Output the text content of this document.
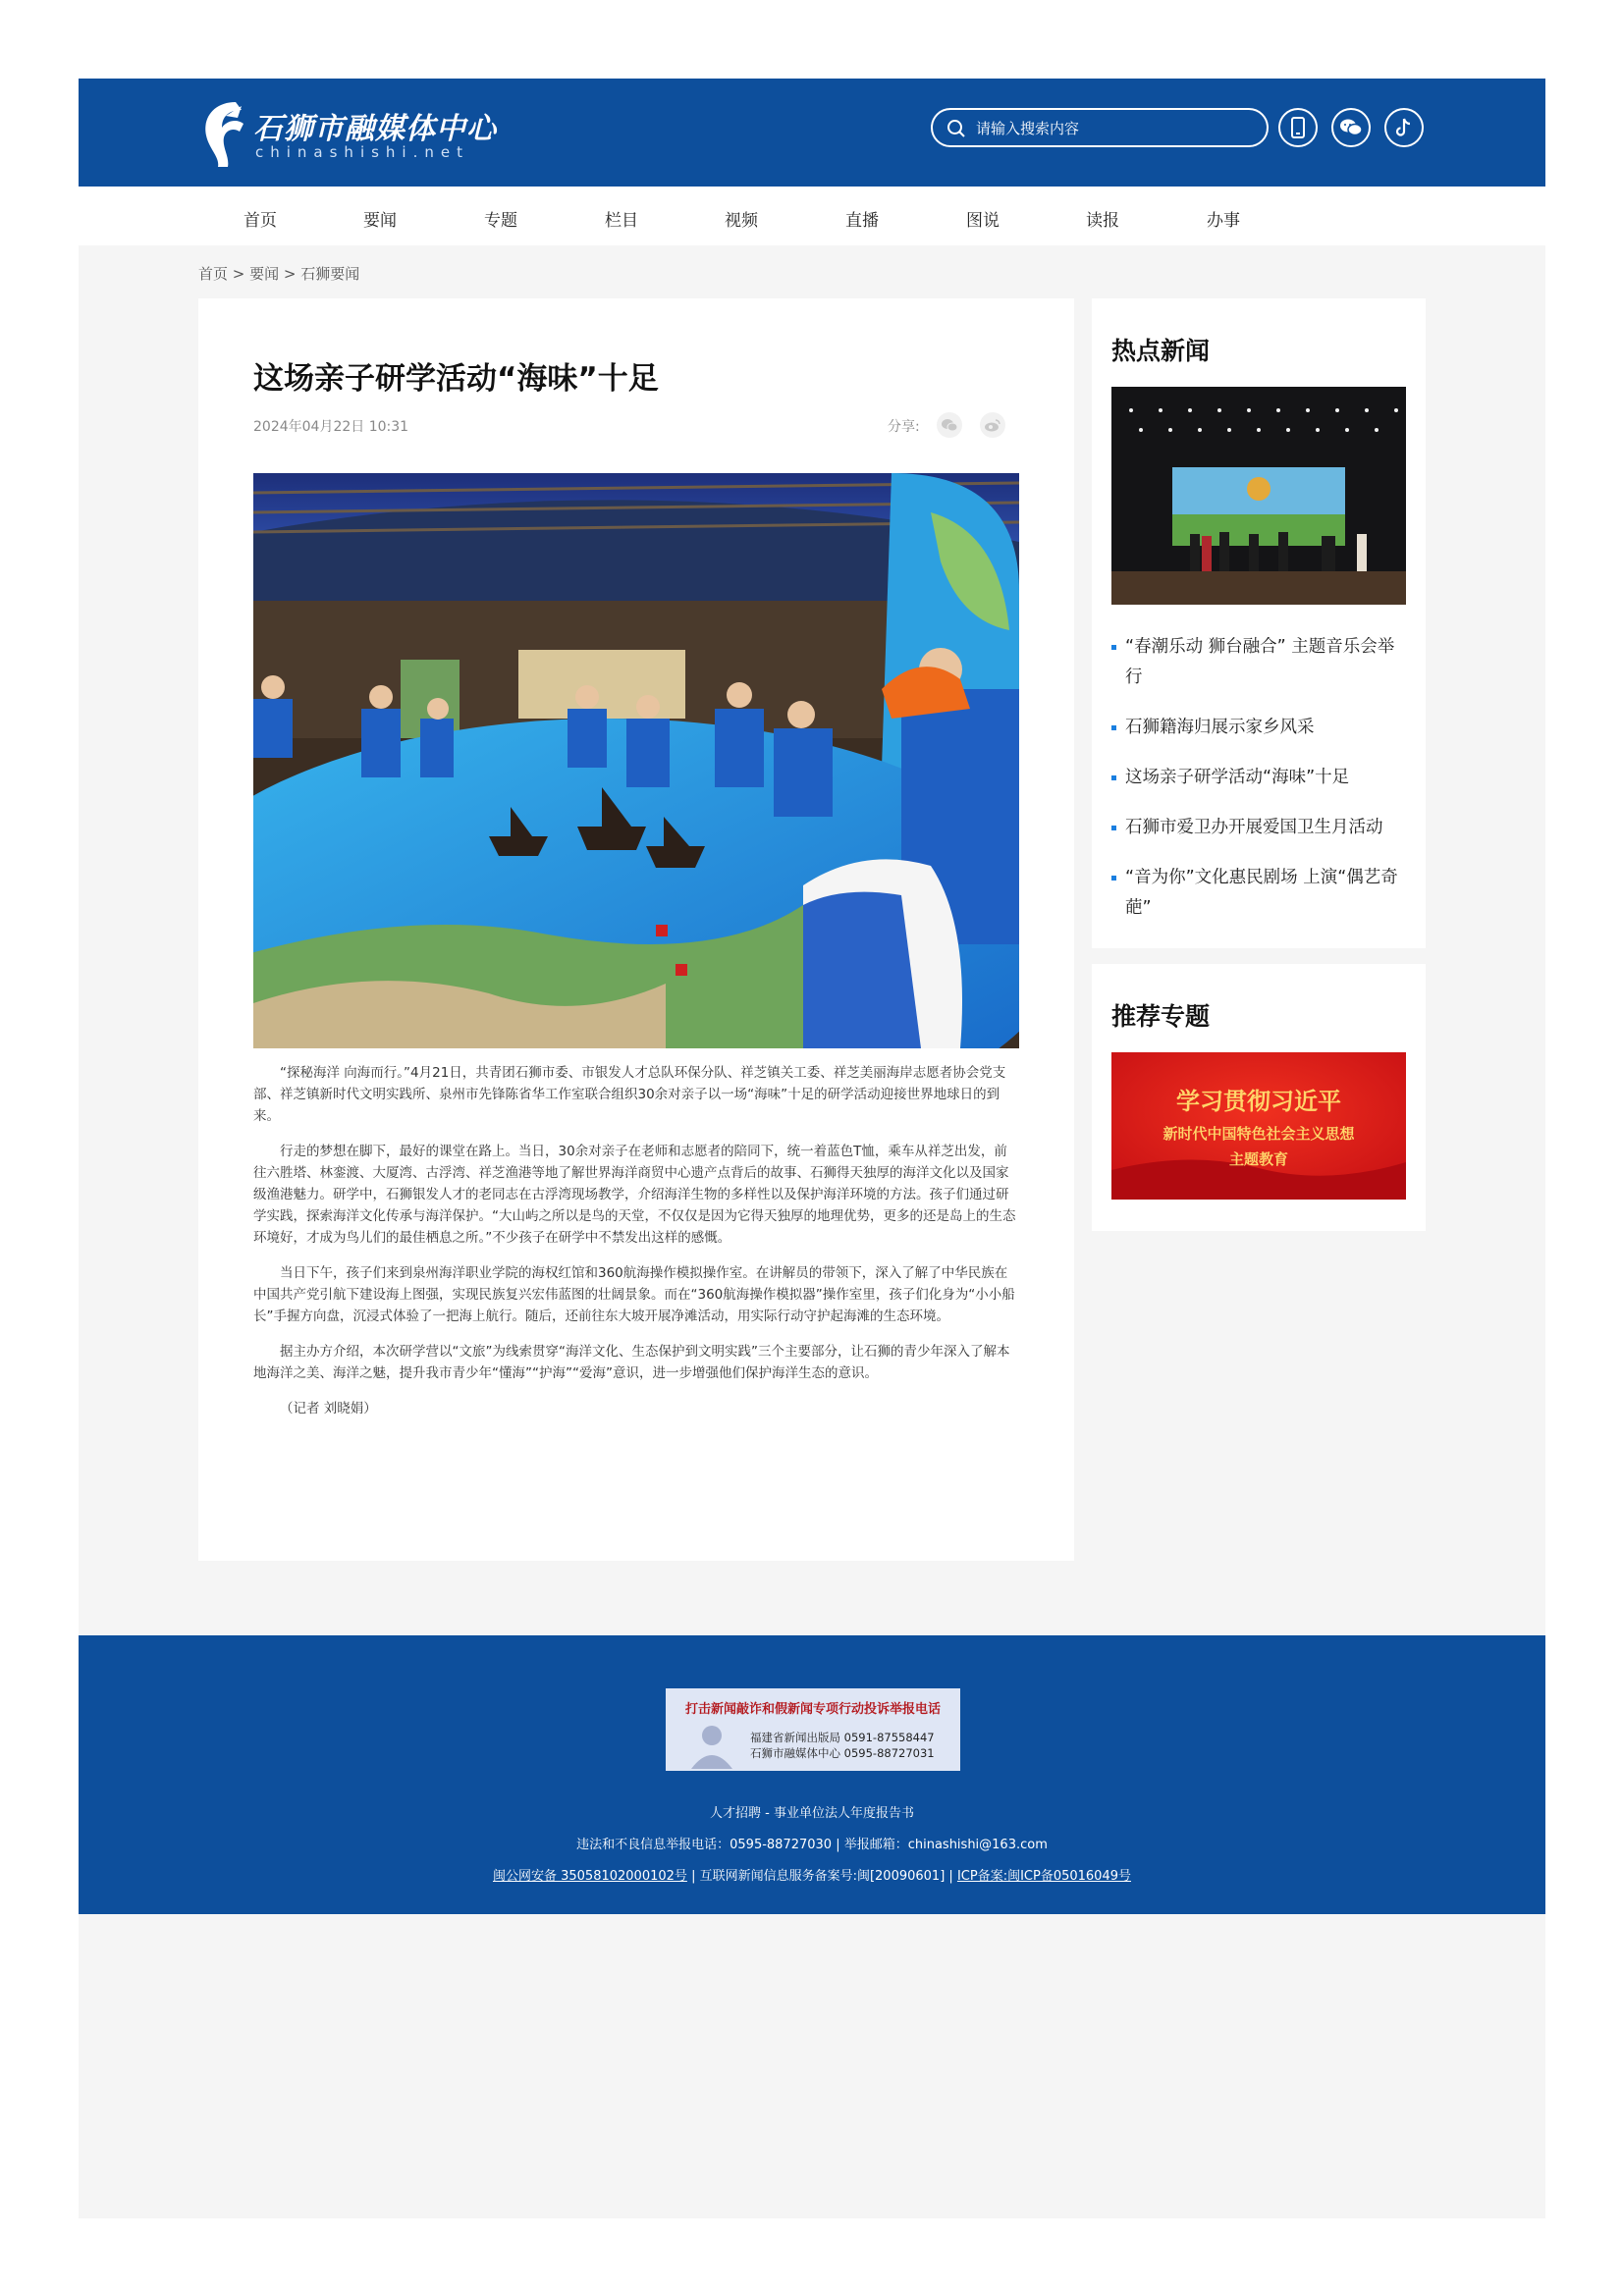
石狮市融媒体中心
chinashishi.net
请输入搜索内容
首页	要闻	专题	栏目	视频	直播	图说	读报	办事
首页 > 要闻 > 石狮要闻
这场亲子研学活动“海味”十足
2024年04月22日 10:31	分享:

“探秘海洋 向海而行。”4月21日，共青团石狮市委、市银发人才总队环保分队、祥芝镇关工委、祥芝美丽海岸志愿者协会党支部、祥芝镇新时代文明实践所、泉州市先锋陈省华工作室联合组织30余对亲子以一场“海味”十足的研学活动迎接世界地球日的到来。

行走的梦想在脚下，最好的课堂在路上。当日，30余对亲子在老师和志愿者的陪同下，统一着蓝色T恤，乘车从祥芝出发，前往六胜塔、林銮渡、大厦湾、古浮湾、祥芝渔港等地了解世界海洋商贸中心遗产点背后的故事、石狮得天独厚的海洋文化以及国家级渔港魅力。研学中，石狮银发人才的老同志在古浮湾现场教学，介绍海洋生物的多样性以及保护海洋环境的方法。孩子们通过研学实践，探索海洋文化传承与海洋保护。“大山屿之所以是鸟的天堂，不仅仅是因为它得天独厚的地理优势，更多的还是岛上的生态环境好，才成为鸟儿们的最佳栖息之所。”不少孩子在研学中不禁发出这样的感慨。

当日下午，孩子们来到泉州海洋职业学院的海权红馆和360航海操作模拟操作室。在讲解员的带领下，深入了解了中华民族在中国共产党引航下建设海上图强，实现民族复兴宏伟蓝图的壮阔景象。而在“360航海操作模拟器”操作室里，孩子们化身为“小小船长”手握方向盘，沉浸式体验了一把海上航行。随后，还前往东大坡开展净滩活动，用实际行动守护起海滩的生态环境。

据主办方介绍，本次研学营以“文旅”为线索贯穿“海洋文化、生态保护到文明实践”三个主要部分，让石狮的青少年深入了解本地海洋之美、海洋之魅，提升我市青少年“懂海”“护海”“爱海”意识，进一步增强他们保护海洋生态的意识。

（记者 刘晓娟）

热点新闻
“春潮乐动 狮台融合” 主题音乐会举行
石狮籍海归展示家乡风采
这场亲子研学活动“海味”十足
石狮市爱卫办开展爱国卫生月活动
“音为你”文化惠民剧场 上演“偶艺奇葩”
推荐专题
学习贯彻习近平
新时代中国特色社会主义思想
主题教育
打击新闻敲诈和假新闻专项行动投诉举报电话
福建省新闻出版局 0591-87558447
石狮市融媒体中心 0595-88727031
人才招聘 - 事业单位法人年度报告书
违法和不良信息举报电话：0595-88727030 | 举报邮箱：chinashishi@163.com
闽公网安备 35058102000102号 | 互联网新闻信息服务备案号:闽[20090601] | ICP备案:闽ICP备05016049号
